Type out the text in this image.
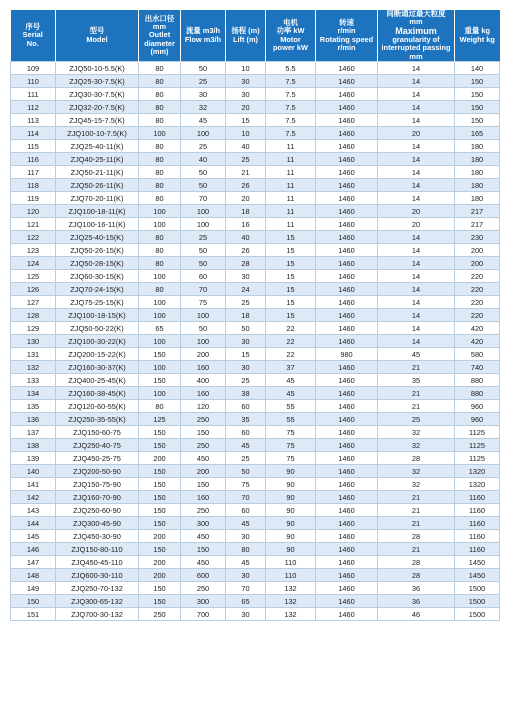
序号
Serial
No.	型号
Model	出水口径
mm
Outlet
diameter
(mm)	流量 m3/h
Flow m3/h	扬程 (m)
Lift (m)	电机
功率 kW
Motor
power kW	转速
r/min
Rotating speed
r/min	间断通过最大粒度 mm
Maximum
granularity of
interrupted passing
mm	重量 kg
Weight kg

109	ZJQ50-10-5.5(K)	80	50	10	5.5	1460	14	140
110	ZJQ25-30-7.5(K)	80	25	30	7.5	1460	14	150
111	ZJQ30-30-7.5(K)	80	30	30	7.5	1460	14	150
112	ZJQ32-20-7.5(K)	80	32	20	7.5	1460	14	150
113	ZJQ45-15-7.5(K)	80	45	15	7.5	1460	14	150
114	ZJQ100-10-7.5(K)	100	100	10	7.5	1460	20	165
115	ZJQ25-40-11(K)	80	25	40	11	1460	14	180
116	ZJQ40-25-11(K)	80	40	25	11	1460	14	180
117	ZJQ50-21-11(K)	80	50	21	11	1460	14	180
118	ZJQ50-26-11(K)	80	50	26	11	1460	14	180
119	ZJQ70-20-11(K)	80	70	20	11	1460	14	180
120	ZJQ100-18-11(K)	100	100	18	11	1460	20	217
121	ZJQ100-16-11(K)	100	100	16	11	1460	20	217
122	ZJQ25-40-15(K)	80	25	40	15	1460	14	230
123	ZJQ50-26-15(K)	80	50	26	15	1460	14	200
124	ZJQ50-28-15(K)	80	50	28	15	1460	14	200
125	ZJQ60-30-15(K)	100	60	30	15	1460	14	220
126	ZJQ70-24-15(K)	80	70	24	15	1460	14	220
127	ZJQ75-25-15(K)	100	75	25	15	1460	14	220
128	ZJQ100-18-15(K)	100	100	18	15	1460	14	220
129	ZJQ50-50-22(K)	65	50	50	22	1460	14	420
130	ZJQ100-30-22(K)	100	100	30	22	1460	14	420
131	ZJQ200-15-22(K)	150	200	15	22	980	45	580
132	ZJQ160-30-37(K)	100	160	30	37	1460	21	740
133	ZJQ400-25-45(K)	150	400	25	45	1460	35	880
134	ZJQ160-38-45(K)	100	160	38	45	1460	21	880
135	ZJQ120-60-55(K)	80	120	60	55	1460	21	960
136	ZJQ250-35-55(K)	125	250	35	55	1460	25	960
137	ZJQ150-60-75	150	150	60	75	1460	32	1125
138	ZJQ250-40-75	150	250	45	75	1460	32	1125
139	ZJQ450-25-75	200	450	25	75	1460	28	1125
140	ZJQ200-50-90	150	200	50	90	1460	32	1320
141	ZJQ150-75-90	150	150	75	90	1460	32	1320
142	ZJQ160-70-90	150	160	70	90	1460	21	1160
143	ZJQ250-60-90	150	250	60	90	1460	21	1160
144	ZJQ300-45-90	150	300	45	90	1460	21	1160
145	ZJQ450-30-90	200	450	30	90	1460	28	1160
146	ZJQ150-80-110	150	150	80	90	1460	21	1160
147	ZJQ450-45-110	200	450	45	110	1460	28	1450
148	ZJQ600-30-110	200	600	30	110	1460	28	1450
149	ZJQ250-70-132	150	250	70	132	1460	36	1500
150	ZJQ300-65-132	150	300	65	132	1460	36	1500
151	ZJQ700-30-132	250	700	30	132	1460	46	1500
